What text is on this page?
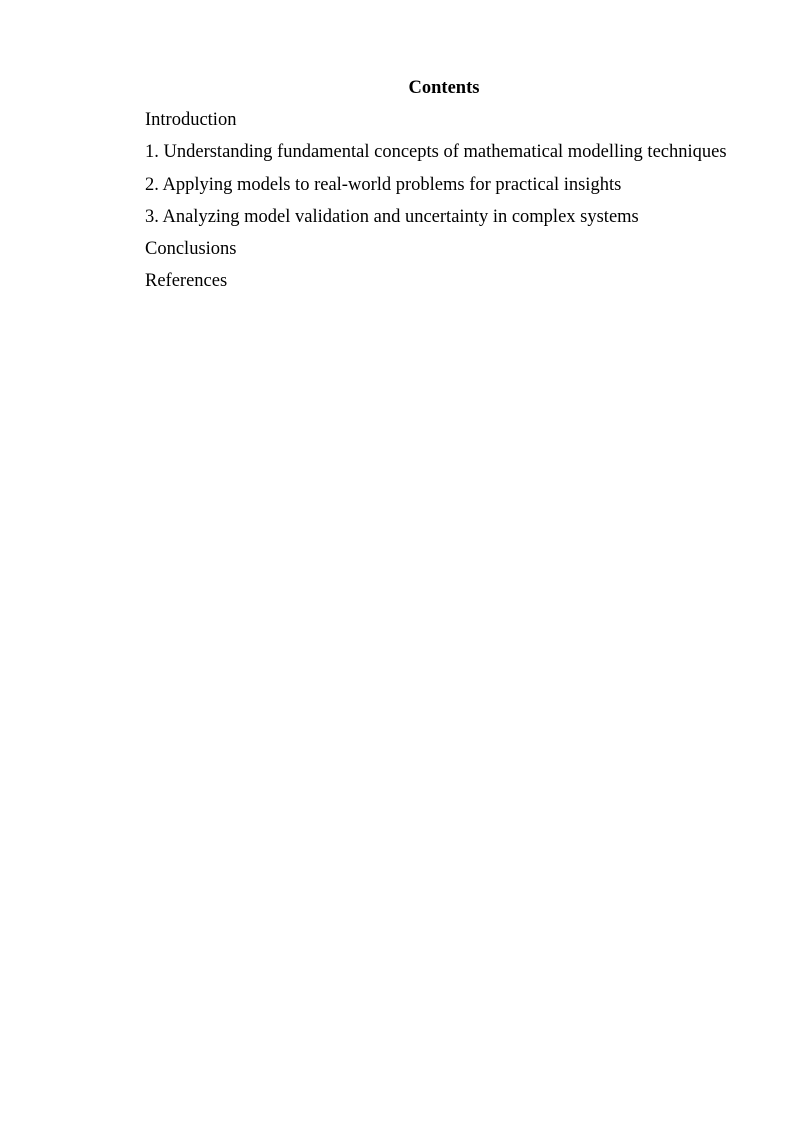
Contents
Introduction
1. Understanding fundamental concepts of mathematical modelling techniques
2. Applying models to real-world problems for practical insights
3. Analyzing model validation and uncertainty in complex systems
Conclusions
References
